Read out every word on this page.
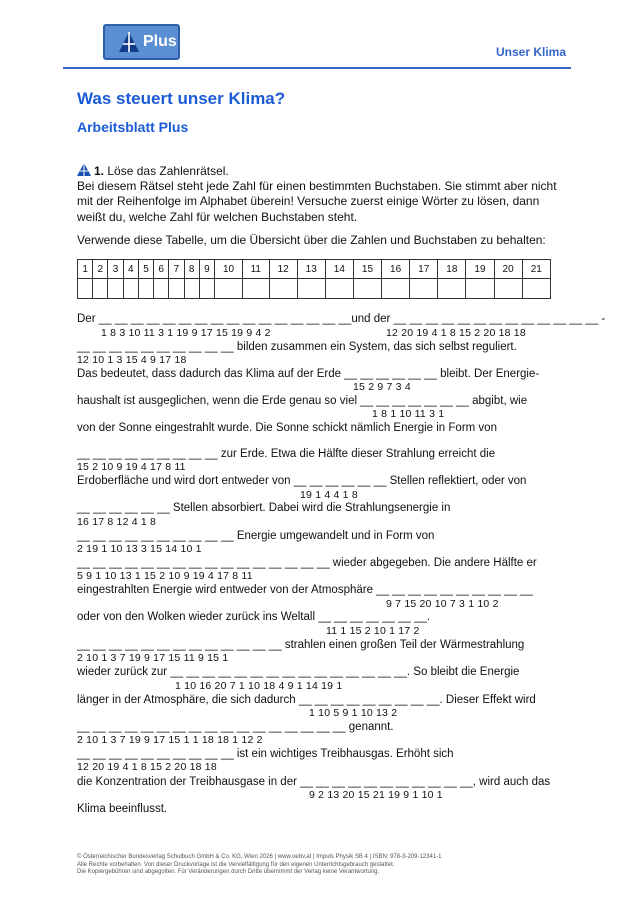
Plus
Unser Klima
Was steuert unser Klima?
Arbeitsblatt Plus
1. Löse das Zahlenrätsel.
Bei diesem Rätsel steht jede Zahl für einen bestimmten Buchstaben. Sie stimmt aber nicht mit der Reihenfolge im Alphabet überein! Versuche zuerst einige Wörter zu lösen, dann weißt du, welche Zahl für welchen Buchstaben steht.
Verwende diese Tabelle, um die Übersicht über die Zahlen und Buchstaben zu behalten:
1	2	3	4	5	6	7	8	9	10	11	12	13	14	15	16	17	18	19	20	21

Der __ __ __ __ __ __ __ __ __ __ __ __ __ __ __ __und der __ __ __ __ __ __ __ __ __ __ __ __ __ -
1 8 3 10 11 3 1 19 9 17 15 19 9 4 2	12 20 19 4 1 8 15 2 20 18 18
__ __ __ __ __ __ __ __ __ __ bilden zusammen ein System, das sich selbst reguliert.
12 10 1 3 15 4 9 17 18
Das bedeutet, dass dadurch das Klima auf der Erde __ __ __ __ __ __ bleibt. Der Energie-
15 2 9 7 3 4
haushalt ist ausgeglichen, wenn die Erde genau so viel __ __ __ __ __ __ __ abgibt, wie
1 8 1 10 11 3 1
von der Sonne eingestrahlt wurde. Die Sonne schickt nämlich Energie in Form von
__ __ __ __ __ __ __ __ __ zur Erde. Etwa die Hälfte dieser Strahlung erreicht die
15 2 10 9 19 4 17 8 11
Erdoberfläche und wird dort entweder von __ __ __ __ __ __ Stellen reflektiert, oder von
19 1 4 4 1 8
__ __ __ __ __ __ Stellen absorbiert. Dabei wird die Strahlungsenergie in
16 17 8 12 4 1 8
__ __ __ __ __ __ __ __ __ __ Energie umgewandelt und in Form von
2 19 1 10 13 3 15 14 10 1
__ __ __ __ __ __ __ __ __ __ __ __ __ __ __ __ wieder abgegeben. Die andere Hälfte er
5 9 1 10 13 1 15 2 10 9 19 4 17 8 11
eingestrahlten Energie wird entweder von der Atmosphäre __ __ __ __ __ __ __ __ __ __
9 7 15 20 10 7 3 1 10 2
oder von den Wolken wieder zurück ins Weltall __ __ __ __ __ __ __.
11 1 15 2 10 1 17 2
__ __ __ __ __ __ __ __ __ __ __ __ __ strahlen einen großen Teil der Wärmestrahlung
2 10 1 3 7 19 9 17 15 11 9 15 1
wieder zurück zur __ __ __ __ __ __ __ __ __ __ __ __ __ __ __. So bleibt die Energie
1 10 16 20 7 1 10 18 4 9 1 14 19 1
länger in der Atmosphäre, die sich dadurch __ __ __ __ __ __ __ __ __. Dieser Effekt wird
1 10 5 9 1 10 13 2
__ __ __ __ __ __ __ __ __ __ __ __ __ __ __ __ __ genannt.
2 10 1 3 7 19 9 17 15 1 1 18 18 1 12 2
__ __ __ __ __ __ __ __ __ __ ist ein wichtiges Treibhausgas. Erhöht sich
12 20 19 4 1 8 15 2 20 18 18
die Konzentration der Treibhausgase in der __ __ __ __ __ __ __ __ __ __ __, wird auch das
9 2 13 20 15 21 19 9 1 10 1
Klima beeinflusst.
© Österreichischer Bundesverlag Schulbuch GmbH & Co. KG, Wien 2026 | www.oebv.at | Impuls Physik SB 4 | ISBN: 978-3-209-12341-1
Alle Rechte vorbehalten. Von dieser Druckvorlage ist die Vervielfältigung für den eigenen Unterrichtsgebrauch gestattet.
Die Kopiergebühren sind abgegolten. Für Veränderungen durch Dritte übernimmt der Verlag keine Verantwortung.
